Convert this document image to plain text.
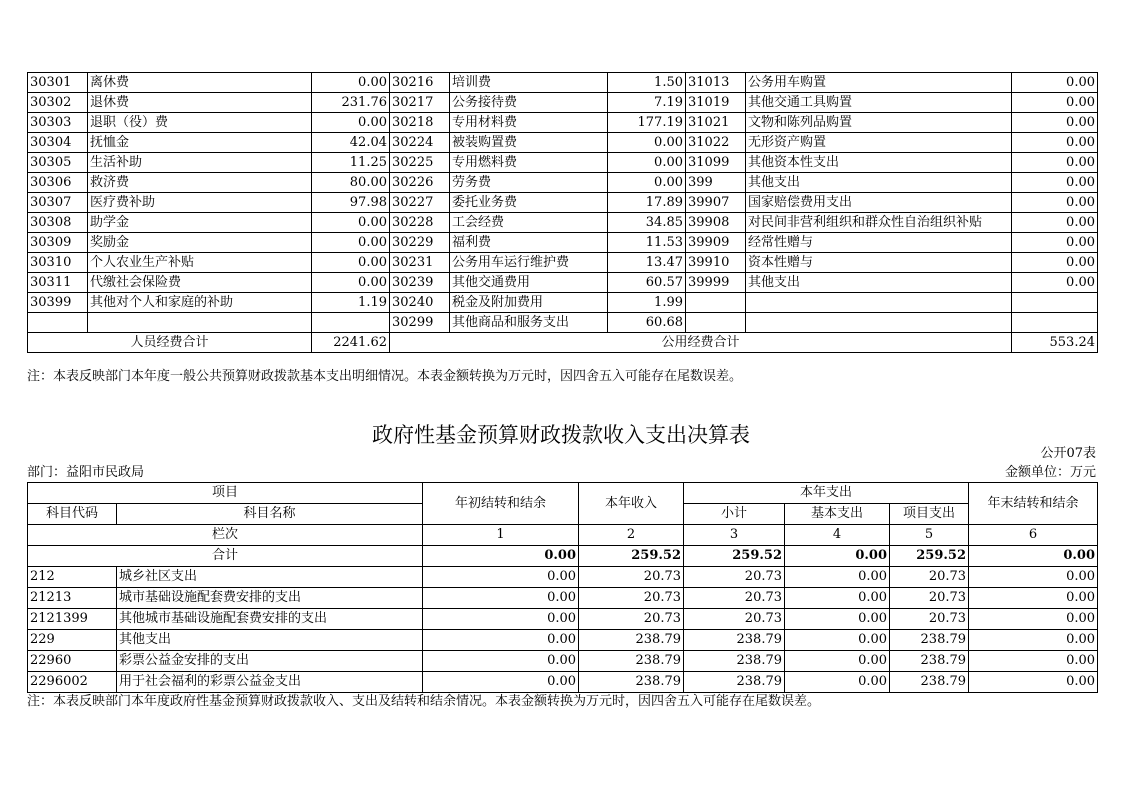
30301	离休费	0.00	30216	培训费	1.50	31013	公务用车购置	0.00
30302	退休费	231.76	30217	公务接待费	7.19	31019	其他交通工具购置	0.00
30303	退职（役）费	0.00	30218	专用材料费	177.19	31021	文物和陈列品购置	0.00
30304	抚恤金	42.04	30224	被装购置费	0.00	31022	无形资产购置	0.00
30305	生活补助	11.25	30225	专用燃料费	0.00	31099	其他资本性支出	0.00
30306	救济费	80.00	30226	劳务费	0.00	399	其他支出	0.00
30307	医疗费补助	97.98	30227	委托业务费	17.89	39907	国家赔偿费用支出	0.00
30308	助学金	0.00	30228	工会经费	34.85	39908	对民间非营利组织和群众性自治组织补贴	0.00
30309	奖励金	0.00	30229	福利费	11.53	39909	经常性赠与	0.00
30310	个人农业生产补贴	0.00	30231	公务用车运行维护费	13.47	39910	资本性赠与	0.00
30311	代缴社会保险费	0.00	30239	其他交通费用	60.57	39999	其他支出	0.00
30399	其他对个人和家庭的补助	1.19	30240	税金及附加费用	1.99			
			30299	其他商品和服务支出	60.68			
人员经费合计		2241.62	公用经费合计					553.24
注：本表反映部门本年度一般公共预算财政拨款基本支出明细情况。本表金额转换为万元时，因四舍五入可能存在尾数误差。
政府性基金预算财政拨款收入支出决算表
公开07表
部门：益阳市民政局	金额单位：万元
项目		年初结转和结余	本年收入	本年支出			年末结转和结余
科目代码	科目名称			小计	基本支出	项目支出	
栏次		1	2	3	4	5	6
合计		0.00	259.52	259.52	0.00	259.52	0.00
212	城乡社区支出	0.00	20.73	20.73	0.00	20.73	0.00
21213	城市基础设施配套费安排的支出	0.00	20.73	20.73	0.00	20.73	0.00
2121399	其他城市基础设施配套费安排的支出	0.00	20.73	20.73	0.00	20.73	0.00
229	其他支出	0.00	238.79	238.79	0.00	238.79	0.00
22960	彩票公益金安排的支出	0.00	238.79	238.79	0.00	238.79	0.00
2296002	用于社会福利的彩票公益金支出	0.00	238.79	238.79	0.00	238.79	0.00
注：本表反映部门本年度政府性基金预算财政拨款收入、支出及结转和结余情况。本表金额转换为万元时，因四舍五入可能存在尾数误差。
